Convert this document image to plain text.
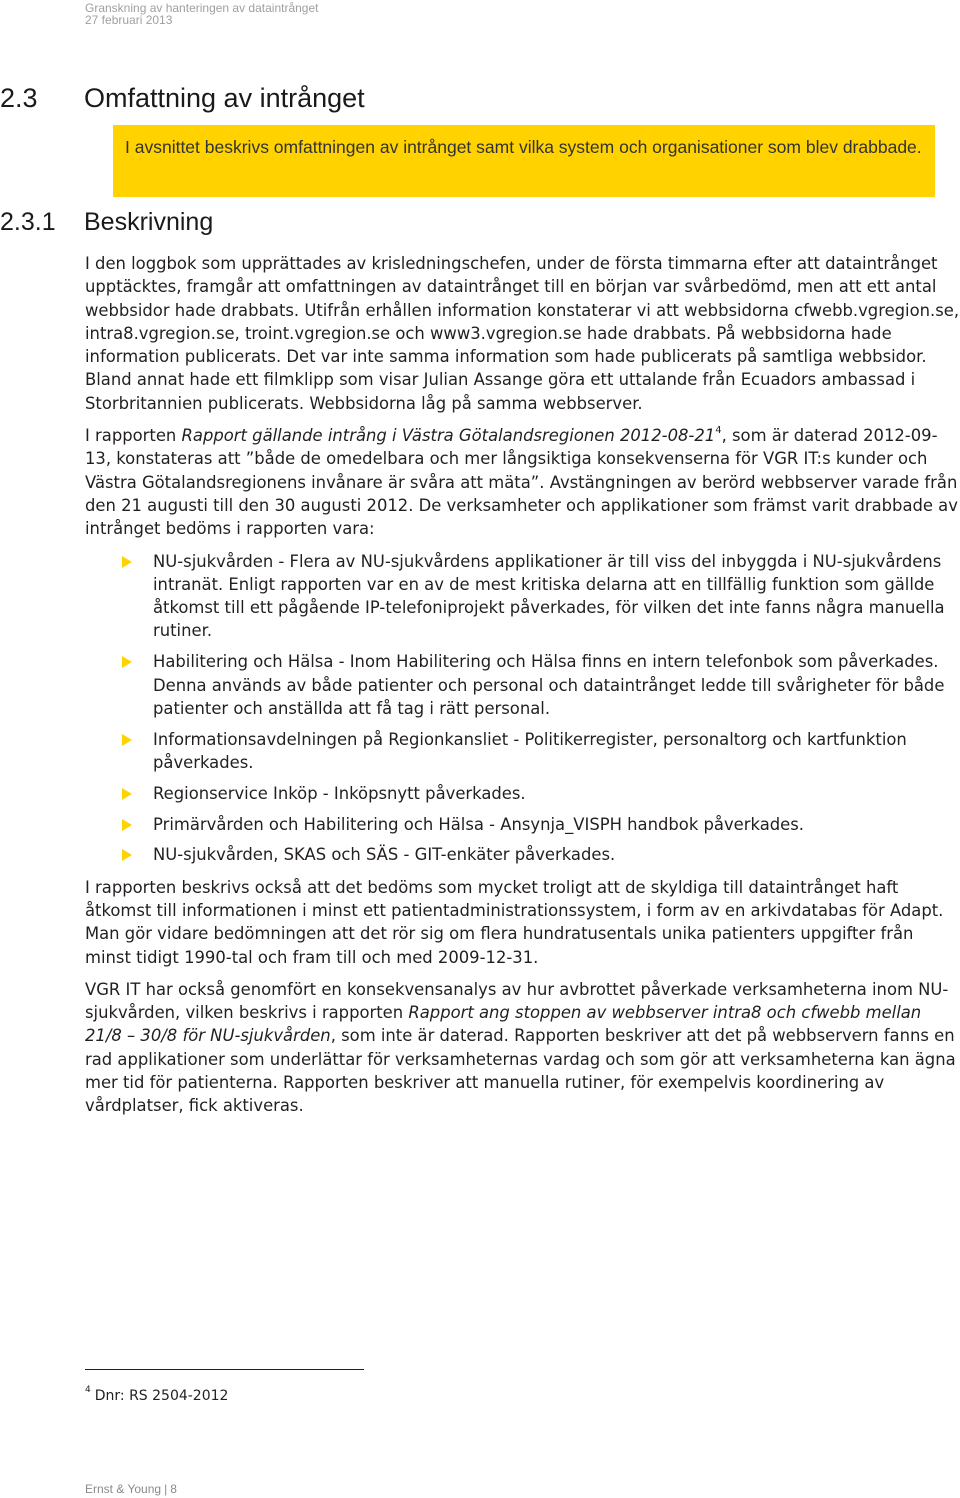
Granskning av hanteringen av dataintrånget
27 februari 2013
2.3 Omfattning av intrånget
I avsnittet beskrivs omfattningen av intrånget samt vilka system och organisationer som blev drabbade.
2.3.1 Beskrivning

I den loggbok som upprättades av krisledningschefen, under de första timmarna efter att dataintrånget upptäcktes, framgår att omfattningen av dataintrånget till en början var svårbedömd, men att ett antal webbsidor hade drabbats. Utifrån erhållen information konstaterar vi att webbsidorna cfwebb.vgregion.se, intra8.vgregion.se, troint.vgregion.se och www3.vgregion.se hade drabbats. På webbsidorna hade information publicerats. Det var inte samma information som hade publicerats på samtliga webbsidor. Bland annat hade ett filmklipp som visar Julian Assange göra ett uttalande från Ecuadors ambassad i Storbritannien publicerats. Webbsidorna låg på samma webbserver.

I rapporten Rapport gällande intrång i Västra Götalandsregionen $2012-08-21^4$, som är daterad 2012-09-13, konstateras att ”både de omedelbara och mer långsiktiga konsekvenserna för VGR IT:s kunder och Västra Götalandsregionens invånare är svåra att mäta”. Avstängningen av berörd webbserver varade från den 21 augusti till den 30 augusti 2012. De verksamheter och applikationer som främst varit drabbade av intrånget bedöms i rapporten vara:

NU-sjukvården - Flera av NU-sjukvårdens applikationer är till viss del inbyggda i NU-sjukvårdens intranät. Enligt rapporten var en av de mest kritiska delarna att en tillfällig funktion som gällde åtkomst till ett pågående IP-telefoniprojekt påverkades, för vilken det inte fanns några manuella rutiner.
Habilitering och Hälsa - Inom Habilitering och Hälsa finns en intern telefonbok som påverkades. Denna används av både patienter och personal och dataintrånget ledde till svårigheter för både patienter och anställda att få tag i rätt personal.
Informationsavdelningen på Regionkansliet - Politikerregister, personaltorg och kartfunktion påverkades.
Regionservice Inköp - Inköpsnytt påverkades.
Primärvården och Habilitering och Hälsa - Ansynja_VISPH handbok påverkades.
NU-sjukvården, SKAS och SÄS - GIT-enkäter påverkades.

I rapporten beskrivs också att det bedöms som mycket troligt att de skyldiga till dataintrånget haft åtkomst till informationen i minst ett patientadministrationssystem, i form av en arkivdatabas för Adapt. Man gör vidare bedömningen att det rör sig om flera hundratusentals unika patienters uppgifter från minst tidigt 1990-tal och fram till och med 2009-12-31.

VGR IT har också genomfört en konsekvensanalys av hur avbrottet påverkade verksamheterna inom NU-sjukvården, vilken beskrivs i rapporten Rapport ang stoppen av webbserver intra8 och cfwebb mellan 21/8 – 30/8 för NU-sjukvården, som inte är daterad. Rapporten beskriver att det på webbservern fanns en rad applikationer som underlättar för verksamheternas vardag och som gör att verksamheterna kan ägna mer tid för patienterna. Rapporten beskriver att manuella rutiner, för exempelvis koordinering av vårdplatser, fick aktiveras.

$^4$ Dnr: RS 2504-2012
Ernst & Young | 8
